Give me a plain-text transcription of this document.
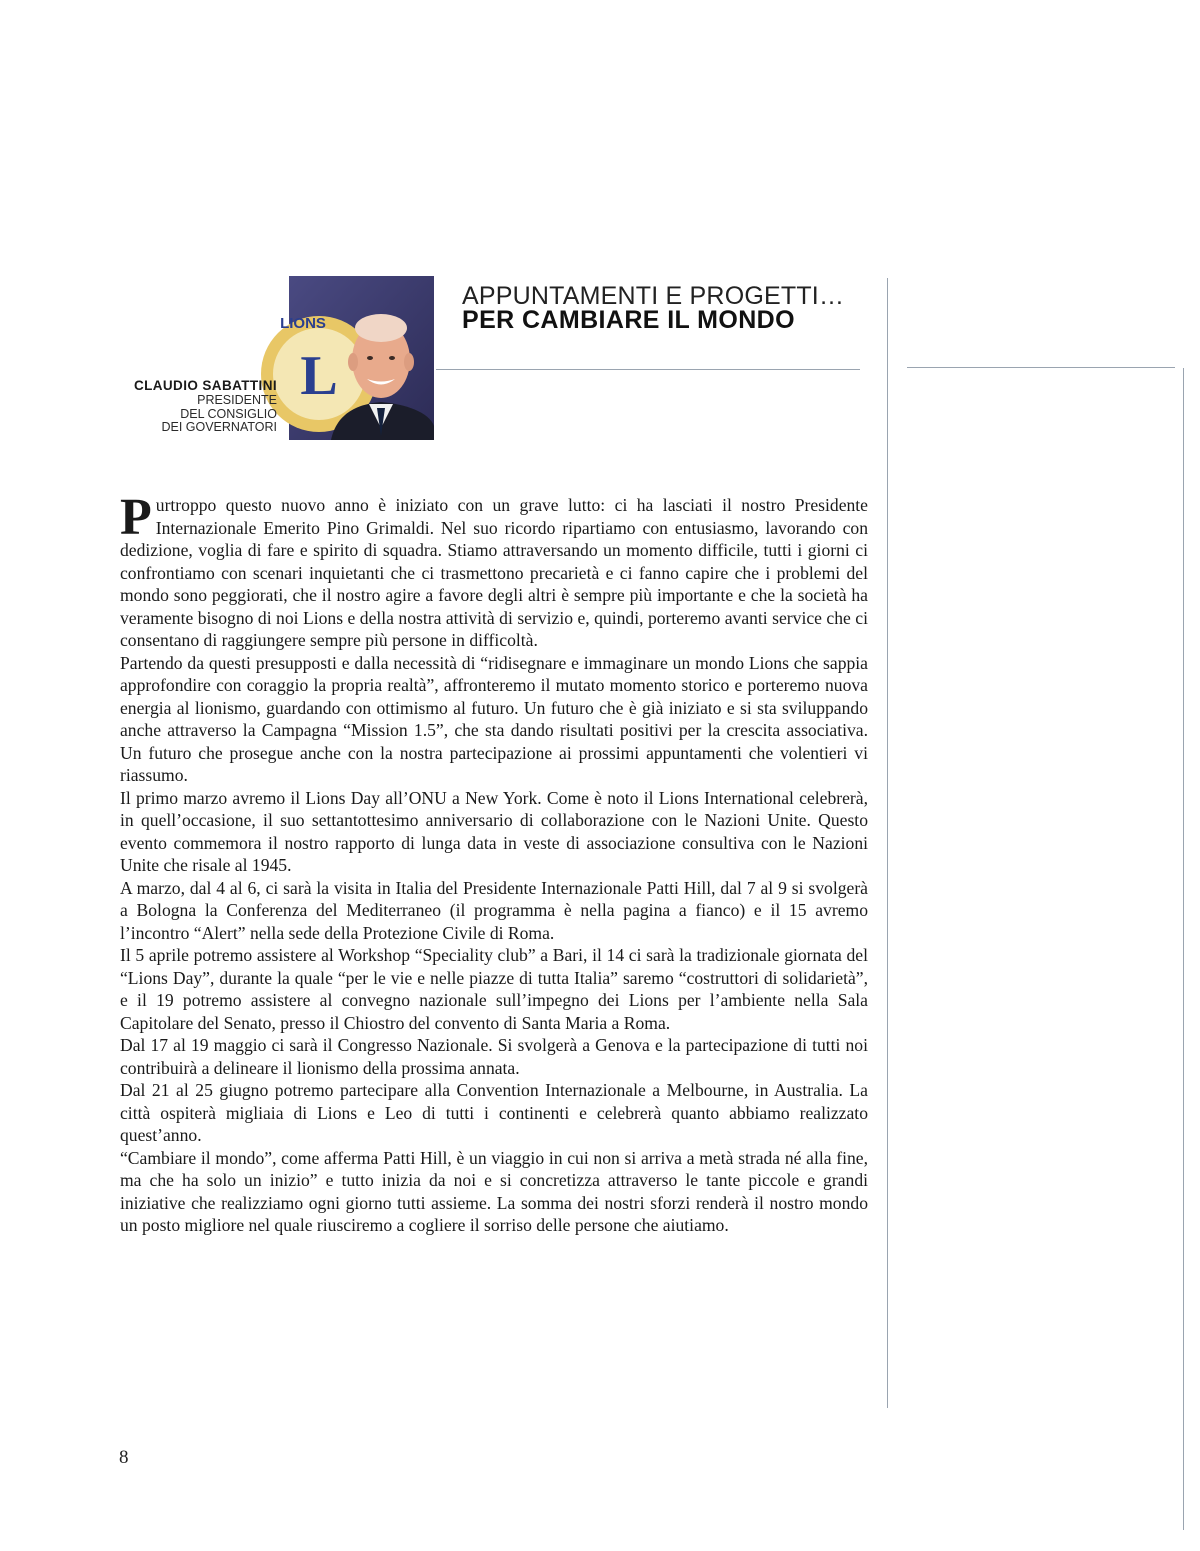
L
LIONS
APPUNTAMENTI E PROGETTI…
PER CAMBIARE IL MONDO
CLAUDIO SABATTINI
PRESIDENTE
DEL CONSIGLIO
DEI GOVERNATORI

Purtroppo questo nuovo anno è iniziato con un grave lutto: ci ha lasciati il nostro Presidente Internazionale Emerito Pino Grimaldi. Nel suo ricordo ripartiamo con entusiasmo, lavorando con dedizione, voglia di fare e spirito di squadra. Stiamo attraversando un momento difficile, tutti i giorni ci confrontiamo con scenari inquietanti che ci trasmettono precarietà e ci fanno capire che i problemi del mondo sono peggiorati, che il nostro agire a favore degli altri è sempre più importante e che la società ha veramente bisogno di noi Lions e della nostra attività di servizio e, quindi, porteremo avanti service che ci consentano di raggiungere sempre più persone in difficoltà.

Partendo da questi presupposti e dalla necessità di “ridisegnare e immaginare un mondo Lions che sappia approfondire con coraggio la propria realtà”, affronteremo il mutato momento storico e porteremo nuova energia al lionismo, guardando con ottimismo al futuro. Un futuro che è già iniziato e si sta sviluppando anche attraverso la Campagna “Mission 1.5”, che sta dando risultati positivi per la crescita associativa. Un futuro che prosegue anche con la nostra partecipazione ai prossimi appuntamenti che volentieri vi riassumo.

Il primo marzo avremo il Lions Day all’ONU a New York. Come è noto il Lions International celebrerà, in quell’occasione, il suo settantottesimo anniversario di collaborazione con le Nazioni Unite. Questo evento commemora il nostro rapporto di lunga data in veste di associazione consultiva con le Nazioni Unite che risale al 1945.

A marzo, dal 4 al 6, ci sarà la visita in Italia del Presidente Internazionale Patti Hill, dal 7 al 9 si svolgerà a Bologna la Conferenza del Mediterraneo (il programma è nella pagina a fianco) e il 15 avremo l’incontro “Alert” nella sede della Protezione Civile di Roma.

Il 5 aprile potremo assistere al Workshop “Speciality club” a Bari, il 14 ci sarà la tradizionale giornata del “Lions Day”, durante la quale “per le vie e nelle piazze di tutta Italia” saremo “costruttori di solidarietà”, e il 19 potremo assistere al convegno nazionale sull’impegno dei Lions per l’ambiente nella Sala Capitolare del Senato, presso il Chiostro del convento di Santa Maria a Roma.

Dal 17 al 19 maggio ci sarà il Congresso Nazionale. Si svolgerà a Genova e la partecipazione di tutti noi contribuirà a delineare il lionismo della prossima annata.

Dal 21 al 25 giugno potremo partecipare alla Convention Internazionale a Melbourne, in Australia. La città ospiterà migliaia di Lions e Leo di tutti i continenti e celebrerà quanto abbiamo realizzato quest’anno.

“Cambiare il mondo”, come afferma Patti Hill, è un viaggio in cui non si arriva a metà strada né alla fine, ma che ha solo un inizio” e tutto inizia da noi e si concretizza attraverso le tante piccole e grandi iniziative che realizziamo ogni giorno tutti assieme. La somma dei nostri sforzi renderà il nostro mondo un posto migliore nel quale riusciremo a cogliere il sorriso delle persone che aiutiamo.

8
